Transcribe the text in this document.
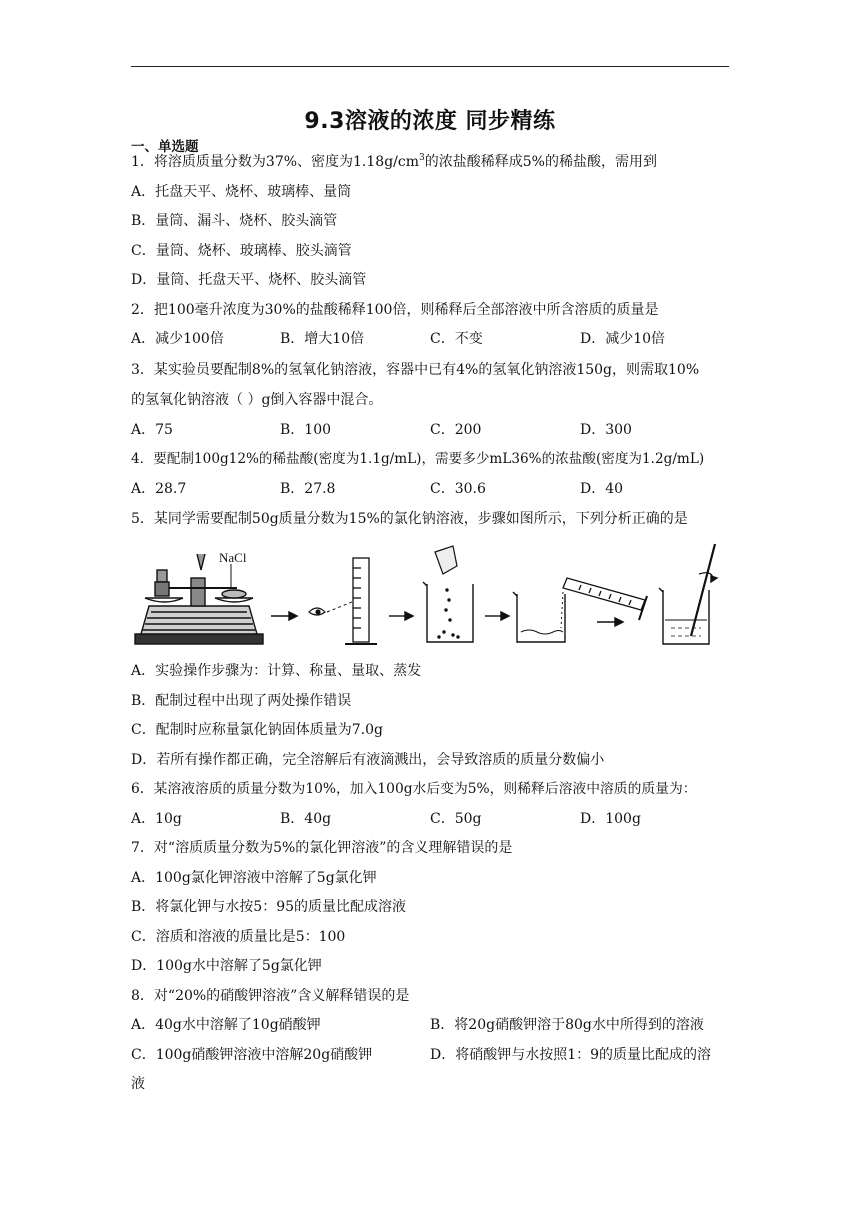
9.3溶液的浓度 同步精练
一、单选题
1．将溶质质量分数为37%、密度为$1.18g/cm^3$的浓盐酸稀释成5%的稀盐酸，需用到
A．托盘天平、烧杯、玻璃棒、量筒
B．量筒、漏斗、烧杯、胶头滴管
C．量筒、烧杯、玻璃棒、胶头滴管
D．量筒、托盘天平、烧杯、胶头滴管
2．把100毫升浓度为30%的盐酸稀释100倍，则稀释后全部溶液中所含溶质的质量是
A．减少100倍	B．增大10倍	C．不变	D．减少10倍
3．某实验员要配制8%的氢氧化钠溶液，容器中已有4%的氢氧化钠溶液150g，则需取10%
的氢氧化钠溶液（ ）g倒入容器中混合。
A．75	B．100	C．200	D．300
4．要配制100g12%的稀盐酸(密度为1.1g/mL)，需要多少mL36%的浓盐酸(密度为1.2g/mL)
A．28.7	B．27.8	C．30.6	D．40
5．某同学需要配制50g质量分数为15%的氯化钠溶液，步骤如图所示，下列分析正确的是
NaCl
A．实验操作步骤为：计算、称量、量取、蒸发
B．配制过程中出现了两处操作错误
C．配制时应称量氯化钠固体质量为7.0g
D．若所有操作都正确，完全溶解后有液滴溅出，会导致溶质的质量分数偏小
6．某溶液溶质的质量分数为10%，加入100g水后变为5%，则稀释后溶液中溶质的质量为：
A．10g	B．40g	C．50g	D．100g
7．对“溶质质量分数为5%的氯化钾溶液”的含义理解错误的是
A．100g氯化钾溶液中溶解了5g氯化钾
B．将氯化钾与水按5：95的质量比配成溶液
C．溶质和溶液的质量比是5：100
D．100g水中溶解了5g氯化钾
8．对“20%的硝酸钾溶液”含义解释错误的是
A．40g水中溶解了10g硝酸钾	B．将20g硝酸钾溶于80g水中所得到的溶液
C．100g硝酸钾溶液中溶解20g硝酸钾	D．将硝酸钾与水按照1：9的质量比配成的溶
液
